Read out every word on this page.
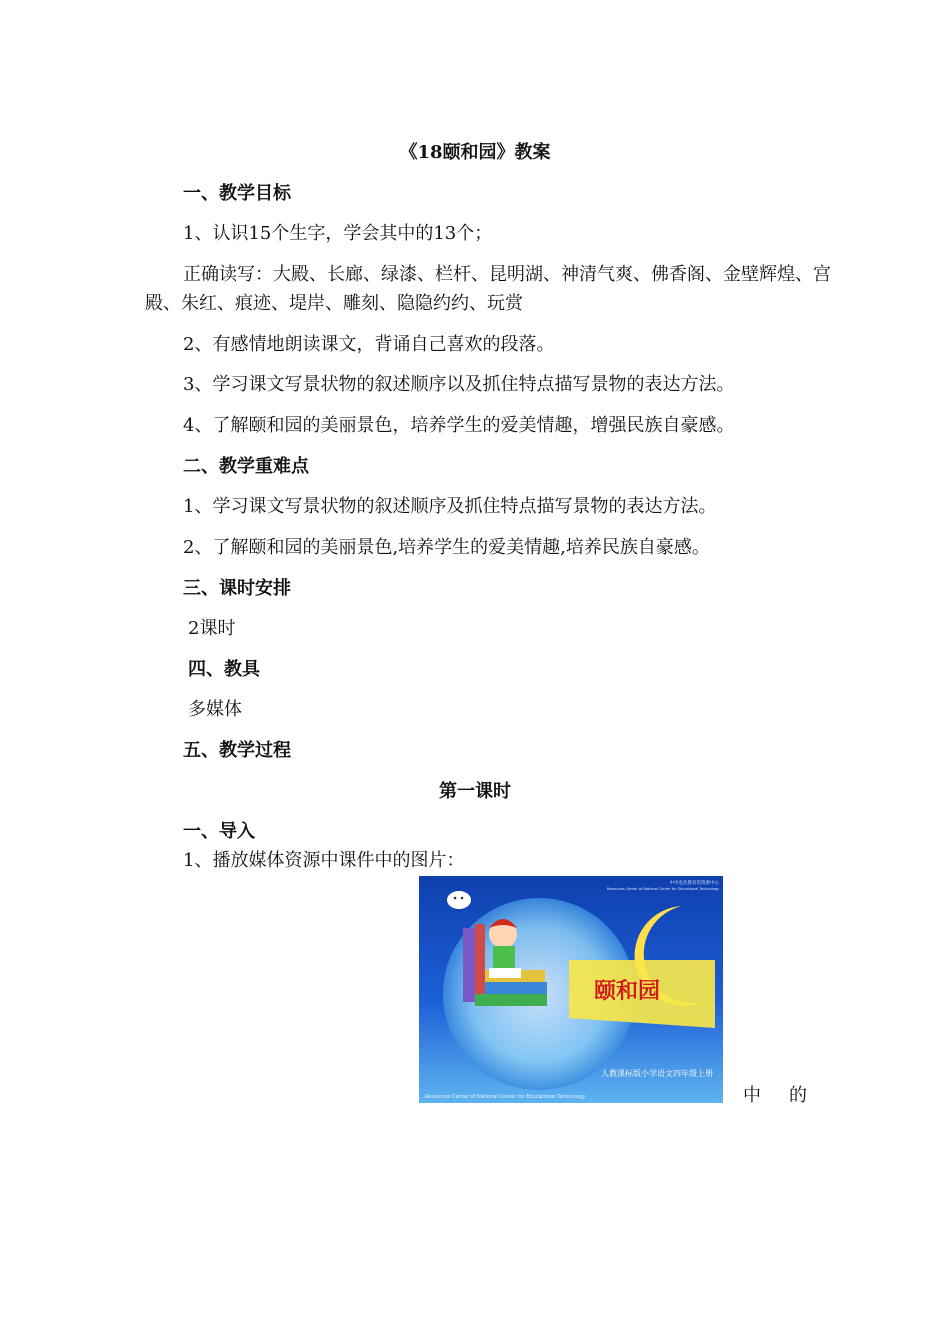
《18颐和园》教案
一、教学目标
1、认识15个生字，学会其中的13个；
正确读写：大殿、长廊、绿漆、栏杆、昆明湖、神清气爽、佛香阁、金壁辉煌、宫
殿、朱红、痕迹、堤岸、雕刻、隐隐约约、玩赏
2、有感情地朗读课文，背诵自己喜欢的段落。
3、学习课文写景状物的叙述顺序以及抓住特点描写景物的表达方法。
4、了解颐和园的美丽景色，培养学生的爱美情趣，增强民族自豪感。
二、教学重难点
1、学习课文写景状物的叙述顺序及抓住特点描写景物的表达方法。
2、了解颐和园的美丽景色,培养学生的爱美情趣,培养民族自豪感。
三、课时安排
2课时
四、教具
多媒体
五、教学过程
第一课时
一、导入
1、播放媒体资源中课件中的图片：
颐和园
人教课标版小学语文四年级上册
中央电化教育馆资源中心
Resources Center of National Center for Educational Technology
Resources Center of National Center for Educational Technology	中 的
